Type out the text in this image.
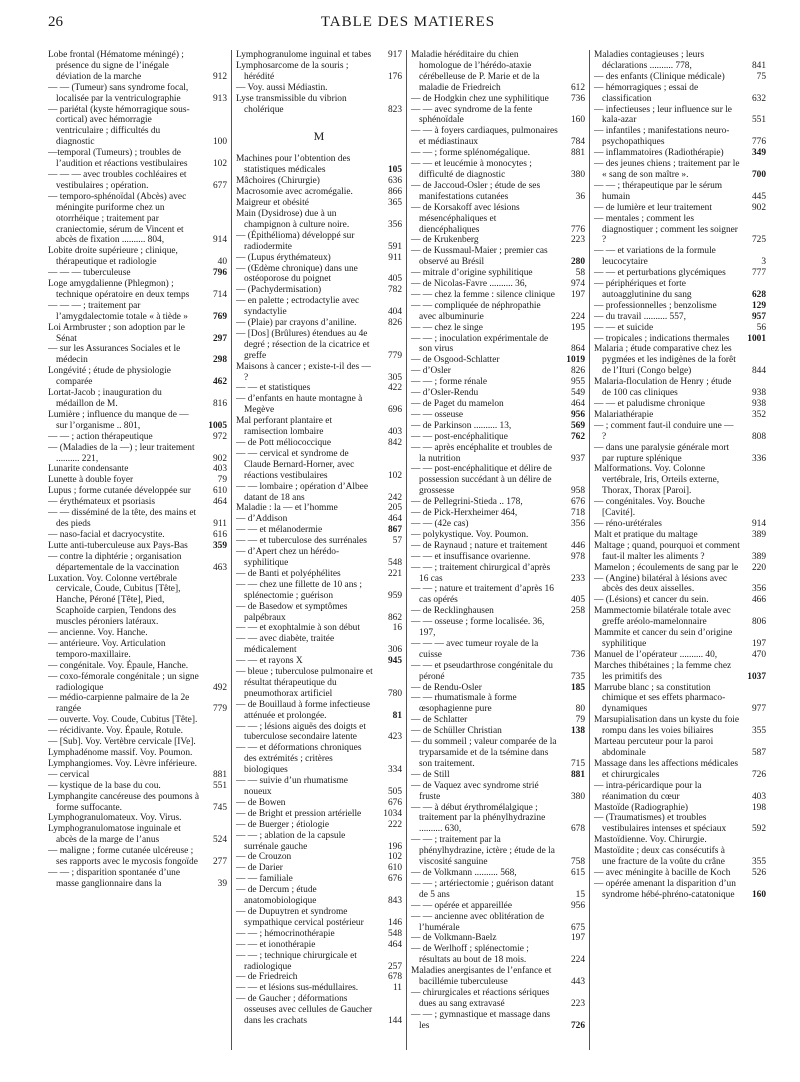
26	TABLE DES MATIERES
Lobe frontal (Hématome méningé) ; présence du signe de l’inégale déviation de la marche	912
— — (Tumeur) sans syndrome focal, localisée par la ventriculographie	913
— pariétal (kyste hémorragique sous-cortical) avec hémorragie ventriculaire ; difficultés du diagnostic	100
—temporal (Tumeurs) ; troubles de l’audition et réactions vestibulaires	102
— — — avec troubles cochléaires et vestibulaires ; opération.	677
— temporo-sphénoïdal (Abcès) avec méningite puriforme chez un otorrhéique ; traitement par craniectomie, sérum de Vincent et abcès de fixation .......... 804,	914
Lobite droite supérieure ; clinique, thérapeutique et radiologie	40
— — — tuberculeuse	796
Loge amygdalienne (Phlegmon) ; technique opératoire en deux temps	714
— — — ; traitement par l’amygdalectomie totale « à tiède »	769
Loi Armbruster ; son adoption par le Sénat	297
— sur les Assurances Sociales et le médecin	298
Longévité ; étude de physiologie comparée	462
Lortat-Jacob ; inauguration du médaillon de M.	816
Lumière ; influence du manque de — sur l’organisme .. 801,	1005
— — ; action thérapeutique	972
— (Maladies de la —) ; leur traitement .......... 221,	902
Lunarite condensante	403
Lunette à double foyer	79
Lupus ; forme cutanée développée sur 610
— érythémateux et psoriasis	464
— — disséminé de la tête, des mains et des pieds	911
— naso-facial et dacryocystite.	616
Lutte anti-tuberculeuse aux Pays-Bas	359
— contre la diphtérie ; organisation départementale de la vaccination	463
Luxation. Voy. Colonne vertébrale cervicale, Coude, Cubitus [Tête], Hanche, Péroné [Tête], Pied, Scaphoïde carpien, Tendons des muscles péroniers latéraux.
— ancienne. Voy. Hanche.
— antérieure. Voy. Articulation temporo-maxillaire.
— congénitale. Voy. Épaule, Hanche.
— coxo-fémorale congénitale ; un signe radiologique	492
— médio-carpienne palmaire de la 2e rangée	779
— ouverte. Voy. Coude, Cubitus [Tête].
— récidivante. Voy. Épaule, Rotule.
— [Sub]. Voy. Vertèbre cervicale [IVe].
Lymphadénome massif. Voy. Poumon.
Lymphangiomes. Voy. Lèvre inférieure.
— cervical	881
— kystique de la base du cou.	551
Lymphangite cancéreuse des poumons à forme suffocante.	745
Lymphogranulomateux. Voy. Virus.
Lymphogranulomatose inguinale et abcès de la marge de l’anus	524
— maligne ; forme cutanée ulcéreuse ; ses rapports avec le mycosis fongoïde 277
— — ; disparition spontanée d’une masse ganglionnaire dans la	39
Lymphogranulome inguinal et tabes 917
Lymphosarcome de la souris ; hérédité	176
— Voy. aussi Médiastin.
Lyse transmissible du vibrion cholérique	823
M
Machines pour l’obtention des statistiques médicales	105
Mâchoires (Chirurgie)	636
Macrosomie avec acromégalie.	866
Maigreur et obésité	365
Main (Dysidrose) due à un champignon à culture noire.	356
— (Épithélioma) développé sur radiodermite	591
— (Lupus érythémateux)	911
— (Œdème chronique) dans une ostéoporose du poignet	405
— (Pachydermisation)	782
— en palette ; ectrodactylie avec syndactylie	404
— (Plaie) par crayons d’aniline.	826
— [Dos] (Brûlures) étendues au 4e degré ; résection de la cicatrice et greffe	779
Maisons à cancer ; existe-t-il des — ?	305
— — et statistiques	422
— d’enfants en haute montagne à Megève	696
Mal perforant plantaire et ramisection lombaire	403
— de Pott méliococcique	842
— — cervical et syndrome de Claude Bernard-Horner, avec réactions vestibulaires	102
— — lombaire ; opération d’Albee datant de 18 ans	242
Maladie : la — et l’homme	205
— d’Addison	464
— — et mélanodermie	867
— — et tuberculose des surrénales	57
— d’Apert chez un hérédo-syphilitique	548
— de Banti et polyéphélites	221
— — chez une fillette de 10 ans ; splénectomie ; guérison	959
— de Basedow et symptômes palpébraux	862
— — et exophtalmie à son début	16
— — avec diabète, traitée médicalement	306
— — et rayons X	945
— bleue ; tuberculose pulmonaire et résultat thérapeutique du pneumothorax artificiel	780
— de Bouillaud à forme infectieuse atténuée et prolongée.	81
— — ; lésions aiguës des doigts et tuberculose secondaire latente	423
— — et déformations chroniques des extrémités ; critères biologiques	334
— — suivie d’un rhumatisme noueux	505
— de Bowen	676
— de Bright et pression artérielle 1034
— de Buerger ; étiologie	222
— — ; ablation de la capsule surrénale gauche	196
— de Crouzon	102
— de Darier	610
— — familiale	676
— de Dercum ; étude anatomobiologique	843
— de Dupuytren et syndrome sympathique cervical postérieur	146
— — ; hémocrinothérapie	548
— — et ionothérapie	464
— — ; technique chirurgicale et radiologique	257
— de Friedreich	678
— — et lésions sus-médullaires.	11
— de Gaucher ; déformations osseuses avec cellules de Gaucher dans les crachats	144
Maladie héréditaire du chien homologue de l’hérédo-ataxie cérébelleuse de P. Marie et de la maladie de Friedreich	612
— de Hodgkin chez une syphilitique 736
— — avec syndrome de la fente sphénoïdale	160
— — à foyers cardiaques, pulmonaires et médiastinaux	784
— — ; forme splénomégalique.	881
— — et leucémie à monocytes ; difficulté de diagnostic	380
— de Jaccoud-Osler ; étude de ses manifestations cutanées	36
— de Korsakoff avec lésions mésencéphaliques et diencéphaliques	776
— de Krukenberg	223
— de Kussmaul-Maier ; premier cas observé au Brésil	280
— mitrale d’origine syphilitique	58
— de Nicolas-Favre .......... 36,	974
— — chez la femme : silence clinique 197
— — compliquée de néphropathie avec albuminurie	224
— — chez le singe	195
— — ; inoculation expérimentale de son virus	864
— de Osgood-Schlatter	1019
— d’Osler	826
— — ; forme rénale	955
— d’Osler-Rendu	549
— de Paget du mamelon	464
— — osseuse	956
— de Parkinson .......... 13,	569
— — post-encéphalitique	762
— — après encéphalite et troubles de la nutrition	937
— — post-encéphalitique et délire de possession succédant à un délire de grossesse	958
— de Pellegrini-Stieda .. 178,	676
— de Pick-Herxheimer 464,	718
— — (42e cas)	356
— polykystique. Voy. Poumon.
— de Raynaud ; nature et traitement	446
— — et insuffisance ovarienne.	978
— — ; traitement chirurgical d’après 16 cas	233
— — ; nature et traitement d’après 16 cas opérés	405
— de Recklinghausen	258
— — osseuse ; forme localisée. 36, 197,
— — — avec tumeur royale de la cuisse	736
— — et pseudarthrose congénitale du péroné	735
— de Rendu-Osler	185
— — rhumatismale à forme œsophagienne pure	80
— de Schlatter	79
— de Schüller Christian	138
— du sommeil ; valeur comparée de la tryparsamide et de la tsémine dans son traitement.	715
— de Still	881
— de Vaquez avec syndrome strié fruste	380
— — à début érythromélalgique ; traitement par la phénylhydrazine .......... 630,	678
— — ; traitement par la phénylhydrazine, ictère ; étude de la viscosité sanguine	758
— de Volkmann .......... 568,	615
— — ; artériectomie ; guérison datant de 5 ans	15
— — opérée et appareillée	956
— — ancienne avec oblitération de l’humérale	675
— de Volkmann-Baelz	197
— de Werlhoff ; splénectomie ; résultats au bout de 18 mois.	224
Maladies anergisantes de l’enfance et bacillémie tuberculeuse	443
— chirurgicales et réactions sériques dues au sang extravasé	223
— — ; gymnastique et massage dans les	726
Maladies contagieuses ; leurs déclarations .......... 778,	841
— des enfants (Clinique médicale)	75
— hémorragiques ; essai de classification	632
— infectieuses ; leur influence sur le kala-azar	551
— infantiles ; manifestations neuro-psychopathiques	776
— inflammatoires (Radiothérapie)	349
— des jeunes chiens ; traitement par le « sang de son maître ».	700
— — ; thérapeutique par le sérum humain	445
— de lumière et leur traitement	902
— mentales ; comment les diagnostiquer ; comment les soigner ?	725
— — et variations de la formule leucocytaire	3
— — et perturbations glycémiques	777
— périphériques et forte autoagglutinine du sang	628
— professionnelles ; benzolisme	129
— du travail .......... 557,	957
— — et suicide	56
— tropicales ; indications thermales 1001
Malaria ; étude comparative chez les pygmées et les indigènes de la forêt de l’Ituri (Congo belge)	844
Malaria-floculation de Henry ; étude de 100 cas cliniques	938
— — et paludisme chronique	938
Malariathérapie	352
— ; comment faut-il conduire une — ?	808
— dans une paralysie générale mort par rupture splénique	336
Malformations. Voy. Colonne vertébrale, Iris, Orteils externe, Thorax, Thorax [Paroi].
— congénitales. Voy. Bouche [Cavité].
— réno-urétérales	914
Malt et pratique du maltage	389
Maltage ; quand, pourquoi et comment faut-il malter les aliments ?	389
Mamelon ; écoulements de sang par le 220
— (Angine) bilatéral à lésions avec abcès des deux aisselles.	356
— (Lésions) et cancer du sein.	466
Mammectomie bilatérale totale avec greffe aréolo-mamelonnaire	806
Mammite et cancer du sein d’origine syphilitique	197
Manuel de l’opérateur .......... 40,	470
Marches thibétaines ; la femme chez les primitifs des	1037
Marrube blanc ; sa constitution chimique et ses effets pharmaco-dynamiques	977
Marsupialisation dans un kyste du foie rompu dans les voies biliaires	355
Marteau percuteur pour la paroi abdominale	587
Massage dans les affections médicales et chirurgicales	726
— intra-péricardique pour la réanimation du cœur	403
Mastoïde (Radiographie)	198
— (Traumatismes) et troubles vestibulaires intenses et spéciaux	592
Mastoïdienne. Voy. Chirurgie.
Mastoïdite ; deux cas consécutifs à une fracture de la voûte du crâne	355
— avec méningite à bacille de Koch 526
— opérée amenant la disparition d’un syndrome hébé-phréno-catatonique 160
